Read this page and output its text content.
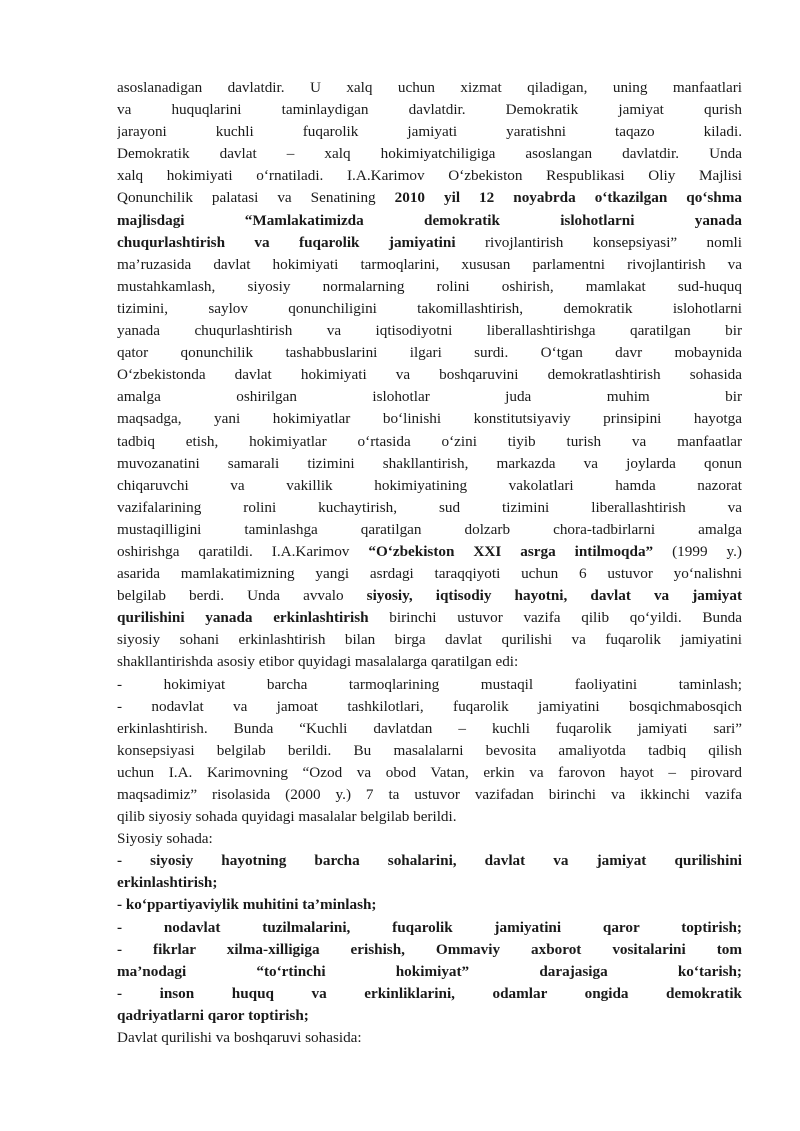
asoslanadigan davlatdir. U xalq uchun xizmat qiladigan, uning manfaatlari
va huquqlarini taminlaydigan davlatdir. Demokratik jamiyat qurish
jarayoni kuchli fuqarolik jamiyati yaratishni taqazo kiladi.
Demokratik davlat – xalq hokimiyatchiligiga asoslangan davlatdir. Unda
xalq hokimiyati o‘rnatiladi. I.A.Karimov O‘zbekiston Respublikasi Oliy Majlisi
Qonunchilik palatasi va Senatining 2010 yil 12 noyabrda o‘tkazilgan qo‘shma
majlisdagi “Mamlakatimizda demokratik islohotlarni yanada
chuqurlashtirish va fuqarolik jamiyatini rivojlantirish konsepsiyasi” nomli
ma’ruzasida davlat hokimiyati tarmoqlarini, xususan parlamentni rivojlantirish va
mustahkamlash, siyosiy normalarning rolini oshirish, mamlakat sud-huquq
tizimini, saylov qonunchiligini takomillashtirish, demokratik islohotlarni
yanada chuqurlashtirish va iqtisodiyotni liberallashtirishga qaratilgan bir
qator qonunchilik tashabbuslarini ilgari surdi. O‘tgan davr mobaynida
O‘zbekistonda davlat hokimiyati va boshqaruvini demokratlashtirish sohasida
amalga oshirilgan islohotlar juda muhim bir
maqsadga, yani hokimiyatlar bo‘linishi konstitutsiyaviy prinsipini hayotga
tadbiq etish, hokimiyatlar o‘rtasida o‘zini tiyib turish va manfaatlar
muvozanatini samarali tizimini shakllantirish, markazda va joylarda qonun
chiqaruvchi va vakillik hokimiyatining vakolatlari hamda nazorat
vazifalarining rolini kuchaytirish, sud tizimini liberallashtirish va
mustaqilligini taminlashga qaratilgan dolzarb chora-tadbirlarni amalga
oshirishga qaratildi. I.A.Karimov “O‘zbekiston XXI asrga intilmoqda” (1999 y.)
asarida mamlakatimizning yangi asrdagi taraqqiyoti uchun 6 ustuvor yo‘nalishni
belgilab berdi. Unda avvalo siyosiy, iqtisodiy hayotni, davlat va jamiyat
qurilishini yanada erkinlashtirish birinchi ustuvor vazifa qilib qo‘yildi. Bunda
siyosiy sohani erkinlashtirish bilan birga davlat qurilishi va fuqarolik jamiyatini
shakllantirishda asosiy etibor quyidagi masalalarga qaratilgan edi:
- hokimiyat barcha tarmoqlarining mustaqil faoliyatini taminlash;
- nodavlat va jamoat tashkilotlari, fuqarolik jamiyatini bosqichmabosqich
erkinlashtirish. Bunda “Kuchli davlatdan – kuchli fuqarolik jamiyati sari”
konsepsiyasi belgilab berildi. Bu masalalarni bevosita amaliyotda tadbiq qilish
uchun I.A. Karimovning “Ozod va obod Vatan, erkin va farovon hayot – pirovard
maqsadimiz” risolasida (2000 y.) 7 ta ustuvor vazifadan birinchi va ikkinchi vazifa
qilib siyosiy sohada quyidagi masalalar belgilab berildi.
Siyosiy sohada:
- siyosiy hayotning barcha sohalarini, davlat va jamiyat qurilishini
erkinlashtirish;
- ko‘ppartiyaviylik muhitini ta’minlash;
- nodavlat tuzilmalarini, fuqarolik jamiyatini qaror toptirish;
- fikrlar xilma-xilligiga erishish, Ommaviy axborot vositalarini tom
ma’nodagi “to‘rtinchi hokimiyat” darajasiga ko‘tarish;
- inson huquq va erkinliklarini, odamlar ongida demokratik
qadriyatlarni qaror toptirish;
Davlat qurilishi va boshqaruvi sohasida:
